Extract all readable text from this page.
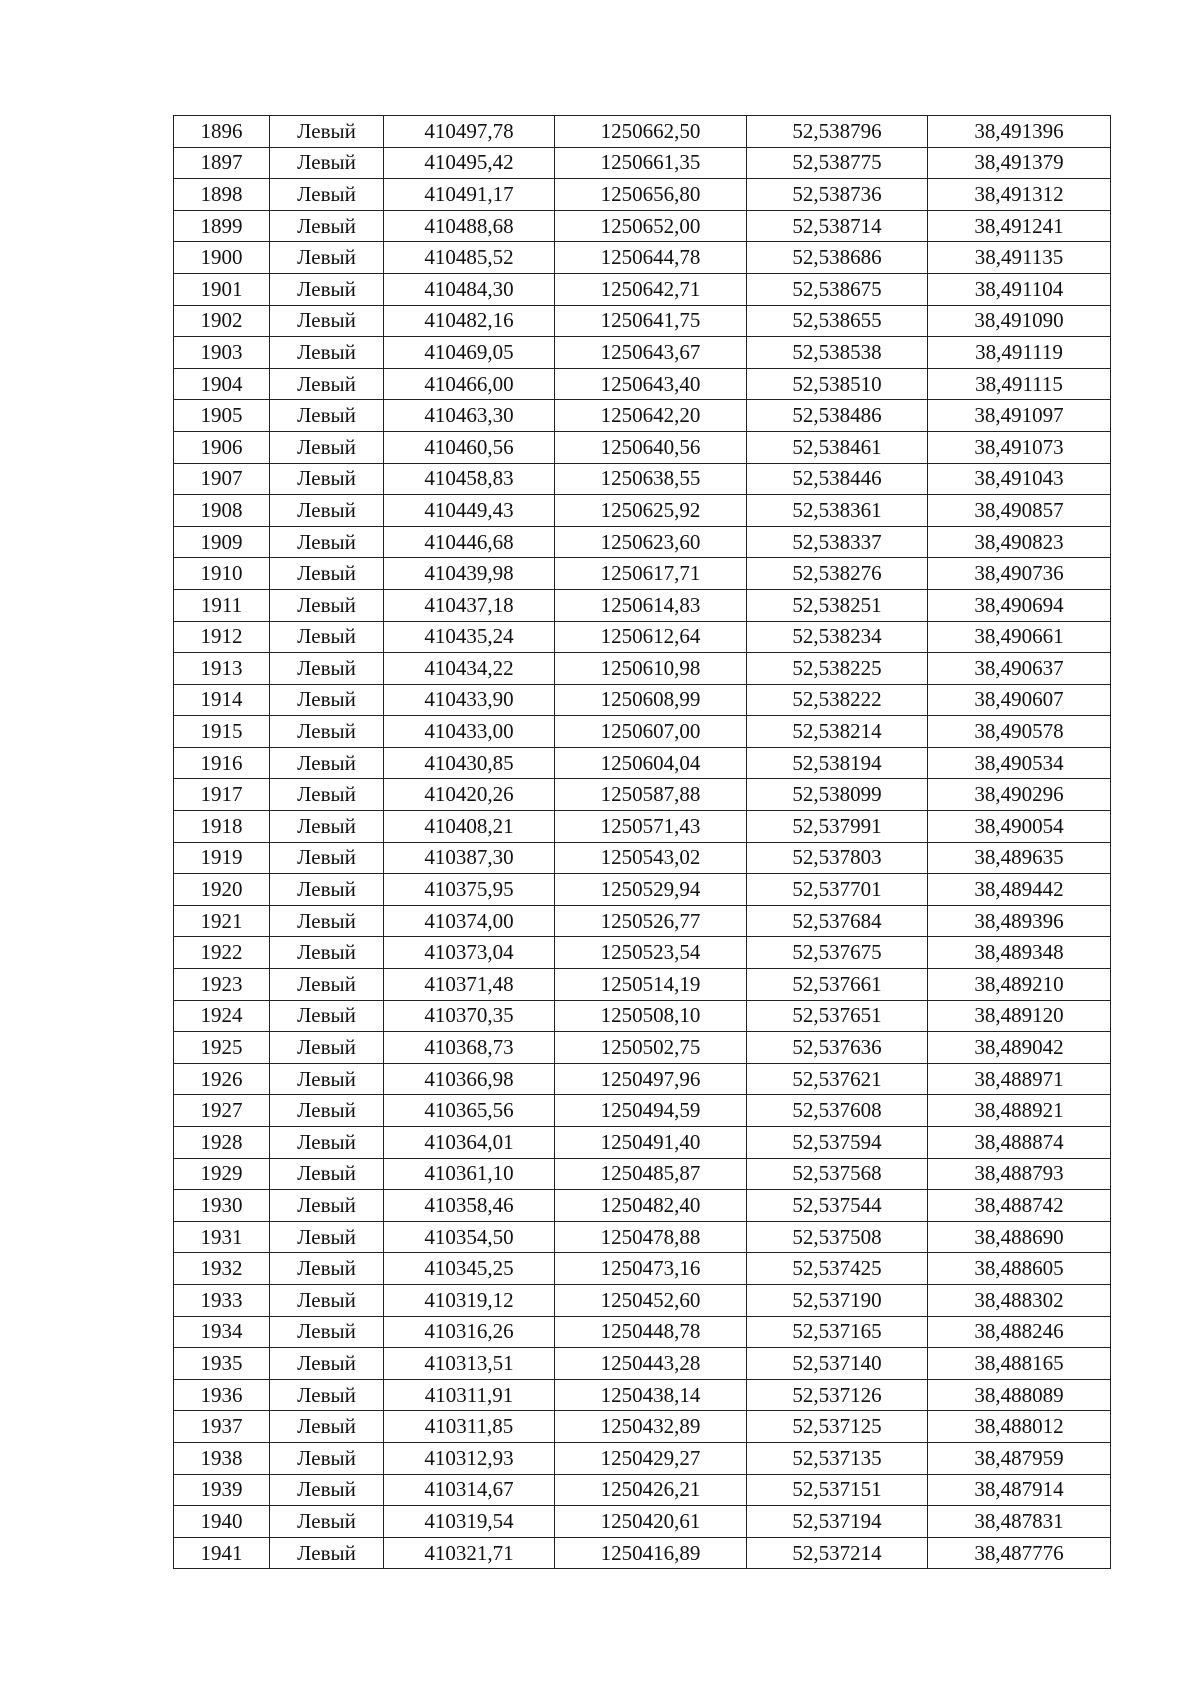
1896	Левый	410497,78	1250662,50	52,538796	38,491396
1897	Левый	410495,42	1250661,35	52,538775	38,491379
1898	Левый	410491,17	1250656,80	52,538736	38,491312
1899	Левый	410488,68	1250652,00	52,538714	38,491241
1900	Левый	410485,52	1250644,78	52,538686	38,491135
1901	Левый	410484,30	1250642,71	52,538675	38,491104
1902	Левый	410482,16	1250641,75	52,538655	38,491090
1903	Левый	410469,05	1250643,67	52,538538	38,491119
1904	Левый	410466,00	1250643,40	52,538510	38,491115
1905	Левый	410463,30	1250642,20	52,538486	38,491097
1906	Левый	410460,56	1250640,56	52,538461	38,491073
1907	Левый	410458,83	1250638,55	52,538446	38,491043
1908	Левый	410449,43	1250625,92	52,538361	38,490857
1909	Левый	410446,68	1250623,60	52,538337	38,490823
1910	Левый	410439,98	1250617,71	52,538276	38,490736
1911	Левый	410437,18	1250614,83	52,538251	38,490694
1912	Левый	410435,24	1250612,64	52,538234	38,490661
1913	Левый	410434,22	1250610,98	52,538225	38,490637
1914	Левый	410433,90	1250608,99	52,538222	38,490607
1915	Левый	410433,00	1250607,00	52,538214	38,490578
1916	Левый	410430,85	1250604,04	52,538194	38,490534
1917	Левый	410420,26	1250587,88	52,538099	38,490296
1918	Левый	410408,21	1250571,43	52,537991	38,490054
1919	Левый	410387,30	1250543,02	52,537803	38,489635
1920	Левый	410375,95	1250529,94	52,537701	38,489442
1921	Левый	410374,00	1250526,77	52,537684	38,489396
1922	Левый	410373,04	1250523,54	52,537675	38,489348
1923	Левый	410371,48	1250514,19	52,537661	38,489210
1924	Левый	410370,35	1250508,10	52,537651	38,489120
1925	Левый	410368,73	1250502,75	52,537636	38,489042
1926	Левый	410366,98	1250497,96	52,537621	38,488971
1927	Левый	410365,56	1250494,59	52,537608	38,488921
1928	Левый	410364,01	1250491,40	52,537594	38,488874
1929	Левый	410361,10	1250485,87	52,537568	38,488793
1930	Левый	410358,46	1250482,40	52,537544	38,488742
1931	Левый	410354,50	1250478,88	52,537508	38,488690
1932	Левый	410345,25	1250473,16	52,537425	38,488605
1933	Левый	410319,12	1250452,60	52,537190	38,488302
1934	Левый	410316,26	1250448,78	52,537165	38,488246
1935	Левый	410313,51	1250443,28	52,537140	38,488165
1936	Левый	410311,91	1250438,14	52,537126	38,488089
1937	Левый	410311,85	1250432,89	52,537125	38,488012
1938	Левый	410312,93	1250429,27	52,537135	38,487959
1939	Левый	410314,67	1250426,21	52,537151	38,487914
1940	Левый	410319,54	1250420,61	52,537194	38,487831
1941	Левый	410321,71	1250416,89	52,537214	38,487776
